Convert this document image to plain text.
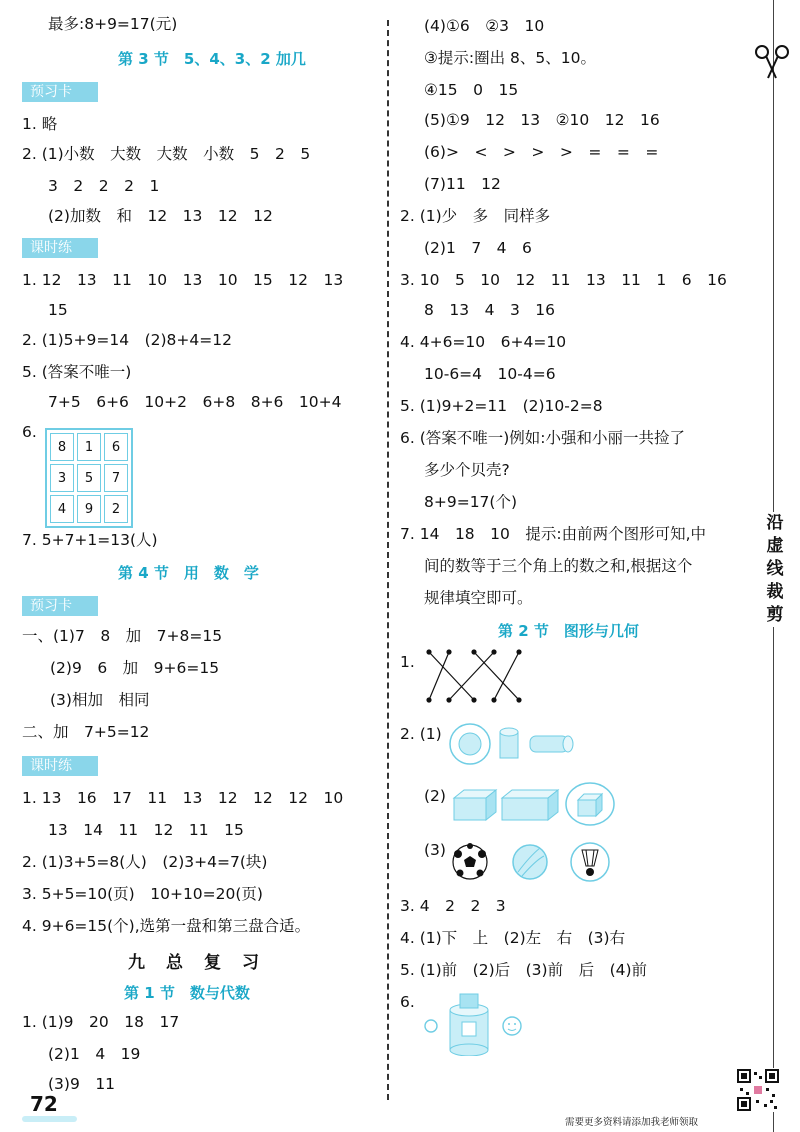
最多:8+9=17(元)
第 3 节　5、4、3、2 加几
预习卡
1. 略
2. (1)小数　大数　大数　小数　5　2　5
3　2　2　2　1
(2)加数　和　12　13　12　12
课时练
1. 12　13　11　10　13　10　15　12　13
15
2. (1)5+9=14　(2)8+4=12
5. (答案不唯一)
7+5　6+6　10+2　6+8　8+6　10+4
6.
8	1	6
3	5	7
4	9	2
7. 5+7+1=13(人)
第 4 节　用　数　学
预习卡
一、(1)7　8　加　7+8=15
(2)9　6　加　9+6=15
(3)相加　相同
二、加　7+5=12
课时练
1. 13　16　17　11　13　12　12　12　10
13　14　11　12　11　15
2. (1)3+5=8(人)　(2)3+4=7(块)
3. 5+5=10(页)　10+10=20(页)
4. 9+6=15(个),选第一盘和第三盘合适。
九　总　复　习
第 1 节　数与代数
1. (1)9　20　18　17
(2)1　4　19
(3)9　11
(4)①6　②3　10
③提示:圈出 8、5、10。
④15　0　15
(5)①9　12　13　②10　12　16
(6)>　<　>　>　>　=　=　=
(7)11　12
2. (1)少　多　同样多
(2)1　7　4　6
3. 10　5　10　12　11　13　11　1　6　16
8　13　4　3　16
4. 4+6=10　6+4=10
10-6=4　10-4=6
5. (1)9+2=11　(2)10-2=8
6. (答案不唯一)例如:小强和小丽一共捡了
多少个贝壳?
8+9=17(个)
7. 14　18　10　提示:由前两个图形可知,中
间的数等于三个角上的数之和,根据这个
规律填空即可。
第 2 节　图形与几何
1.
2. (1)
(2)
(3)
3. 4　2　2　3
4. (1)下　上　(2)左　右　(3)右
5. (1)前　(2)后　(3)前　后　(4)前
6.
沿虚线裁剪
72
需要更多资料请添加我老师领取
